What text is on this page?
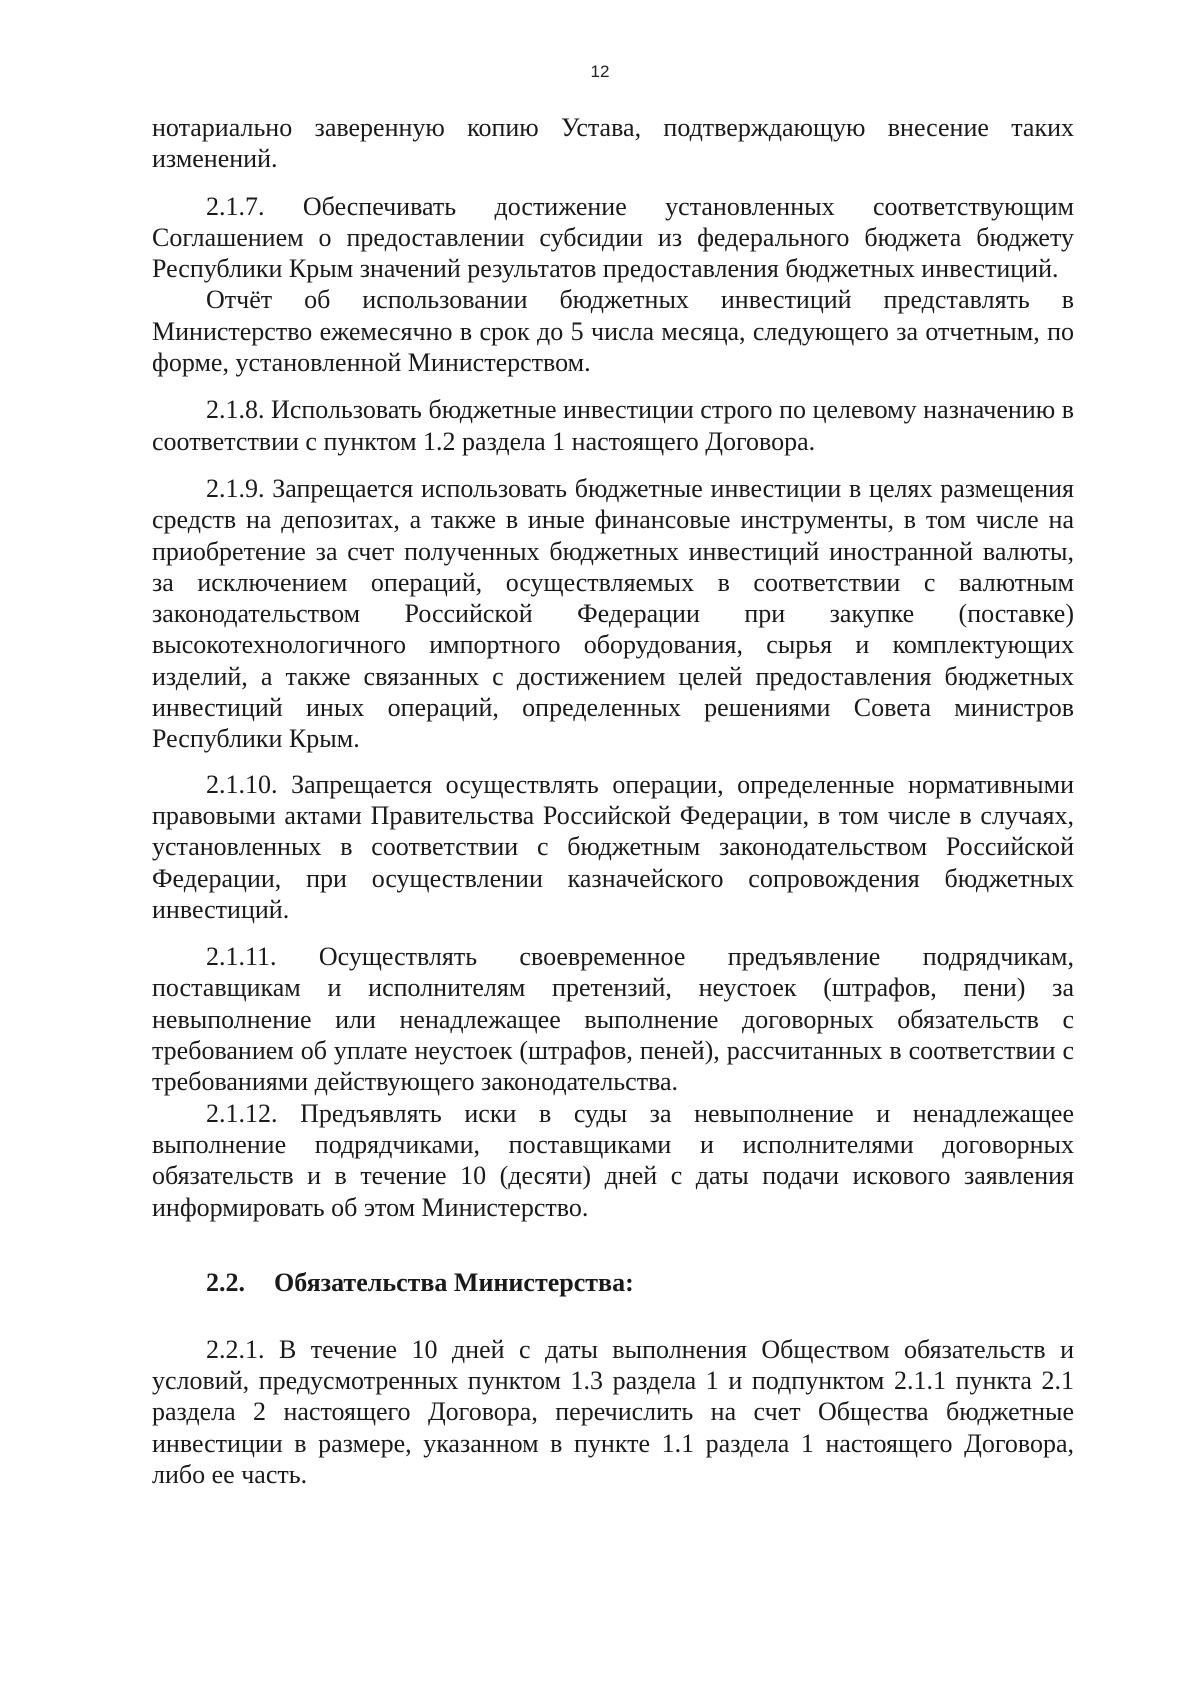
12

нотариально заверенную копию Устава, подтверждающую внесение таких изменений.

2.1.7. Обеспечивать достижение установленных соответствующим Соглашением о предоставлении субсидии из федерального бюджета бюджету Республики Крым значений результатов предоставления бюджетных инвестиций.

Отчёт об использовании бюджетных инвестиций представлять в Министерство ежемесячно в срок до 5 числа месяца, следующего за отчетным, по форме, установленной Министерством.

2.1.8. Использовать бюджетные инвестиции строго по целевому назначению в соответствии с пунктом 1.2 раздела 1 настоящего Договора.

2.1.9. Запрещается использовать бюджетные инвестиции в целях размещения средств на депозитах, а также в иные финансовые инструменты, в том числе на приобретение за счет полученных бюджетных инвестиций иностранной валюты, за исключением операций, осуществляемых в соответствии с валютным законодательством Российской Федерации при закупке (поставке) высокотехнологичного импортного оборудования, сырья и комплектующих изделий, а также связанных с достижением целей предоставления бюджетных инвестиций иных операций, определенных решениями Совета министров Республики Крым.

2.1.10. Запрещается осуществлять операции, определенные нормативными правовыми актами Правительства Российской Федерации, в том числе в случаях, установленных в соответствии с бюджетным законодательством Российской Федерации, при осуществлении казначейского сопровождения бюджетных инвестиций.

2.1.11. Осуществлять своевременное предъявление подрядчикам, поставщикам и исполнителям претензий, неустоек (штрафов, пени) за невыполнение или ненадлежащее выполнение договорных обязательств с требованием об уплате неустоек (штрафов, пеней), рассчитанных в соответствии с требованиями действующего законодательства.

2.1.12. Предъявлять иски в суды за невыполнение и ненадлежащее выполнение подрядчиками, поставщиками и исполнителями договорных обязательств и в течение 10 (десяти) дней с даты подачи искового заявления информировать об этом Министерство.

2.2. Обязательства Министерства:

2.2.1. В течение 10 дней с даты выполнения Обществом обязательств и условий, предусмотренных пунктом 1.3 раздела 1 и подпунктом 2.1.1 пункта 2.1 раздела 2 настоящего Договора, перечислить на счет Общества бюджетные инвестиции в размере, указанном в пункте 1.1 раздела 1 настоящего Договора, либо ее часть.
